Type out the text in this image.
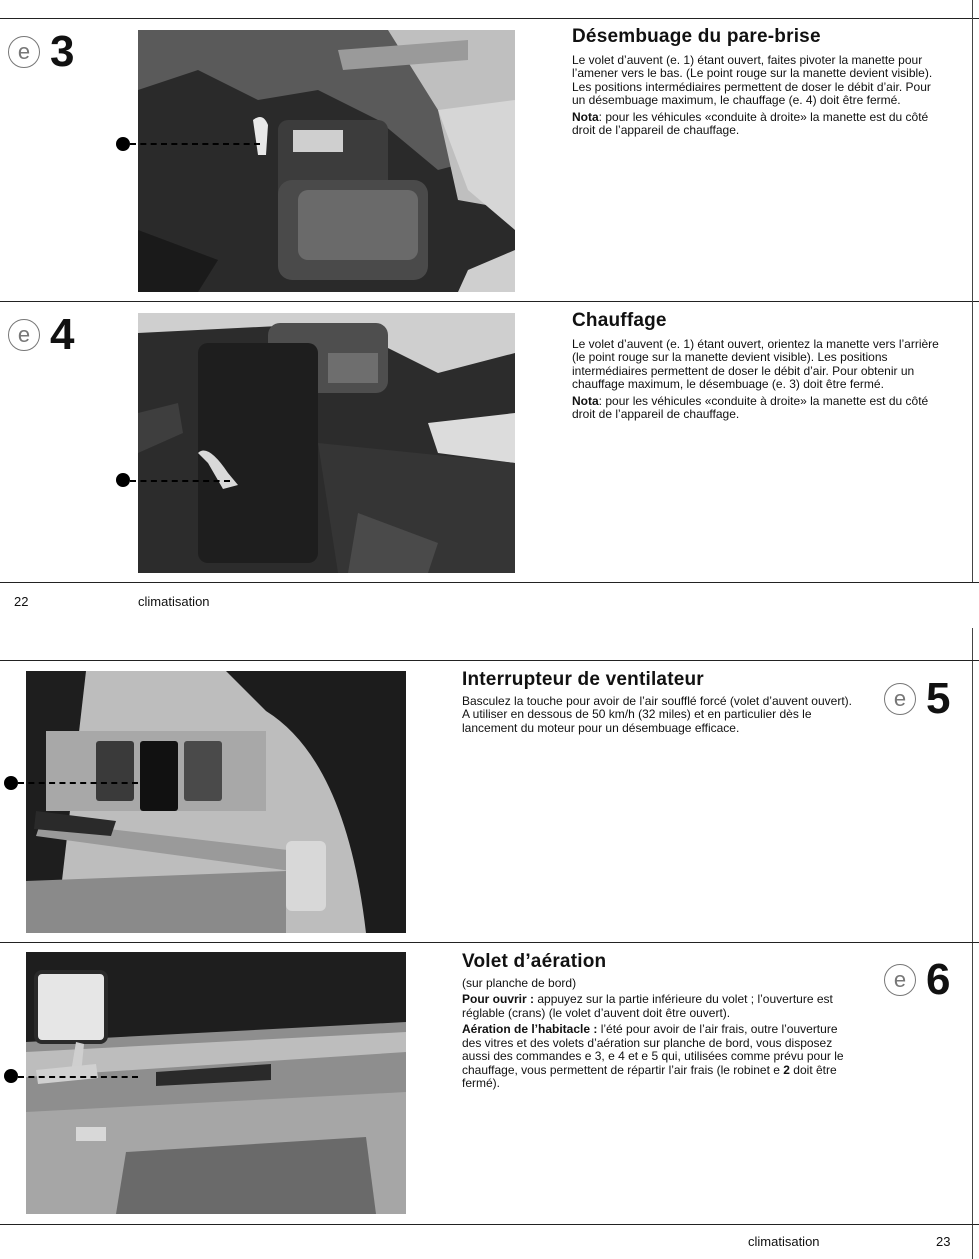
e 3	Désembuage du pare-brise

Le volet d’auvent (e. 1) étant ouvert, faites pivoter la manette pour l’amener vers le bas. (Le point rouge sur la manette devient visible). Les positions intermédiaires permettent de doser le débit d’air. Pour un désembuage maximum, le chauffage (e. 4) doit être fermé.

Nota: pour les véhicules «conduite à droite» la manette est du côté droit de l’appareil de chauffage.

e 4	Chauffage

Le volet d’auvent (e. 1) étant ouvert, orientez la manette vers l’arrière (le point rouge sur la manette devient visible). Les positions intermédiaires permettent de doser le débit d’air. Pour obtenir un chauffage maximum, le désembuage (e. 3) doit être fermé.

Nota: pour les véhicules «conduite à droite» la manette est du côté droit de l’appareil de chauffage.

22	climatisation
Interrupteur de ventilateur

Basculez la touche pour avoir de l’air soufflé forcé (volet d’auvent ouvert). A utiliser en dessous de 50 km/h (32 miles) et en particulier dès le lancement du moteur pour un désembuage efficace.

e 5
Volet d’aération

(sur planche de bord)

Pour ouvrir : appuyez sur la partie inférieure du volet ; l’ouverture est réglable (crans) (le volet d’auvent doit être ouvert).

Aération de l’habitacle : l’été pour avoir de l’air frais, outre l’ouverture des vitres et des volets d’aération sur planche de bord, vous disposez aussi des commandes e 3, e 4 et e 5 qui, utilisées comme prévu pour le chauffage, vous permettent de répartir l’air frais (le robinet e 2 doit être fermé).

e 6
climatisation	23
